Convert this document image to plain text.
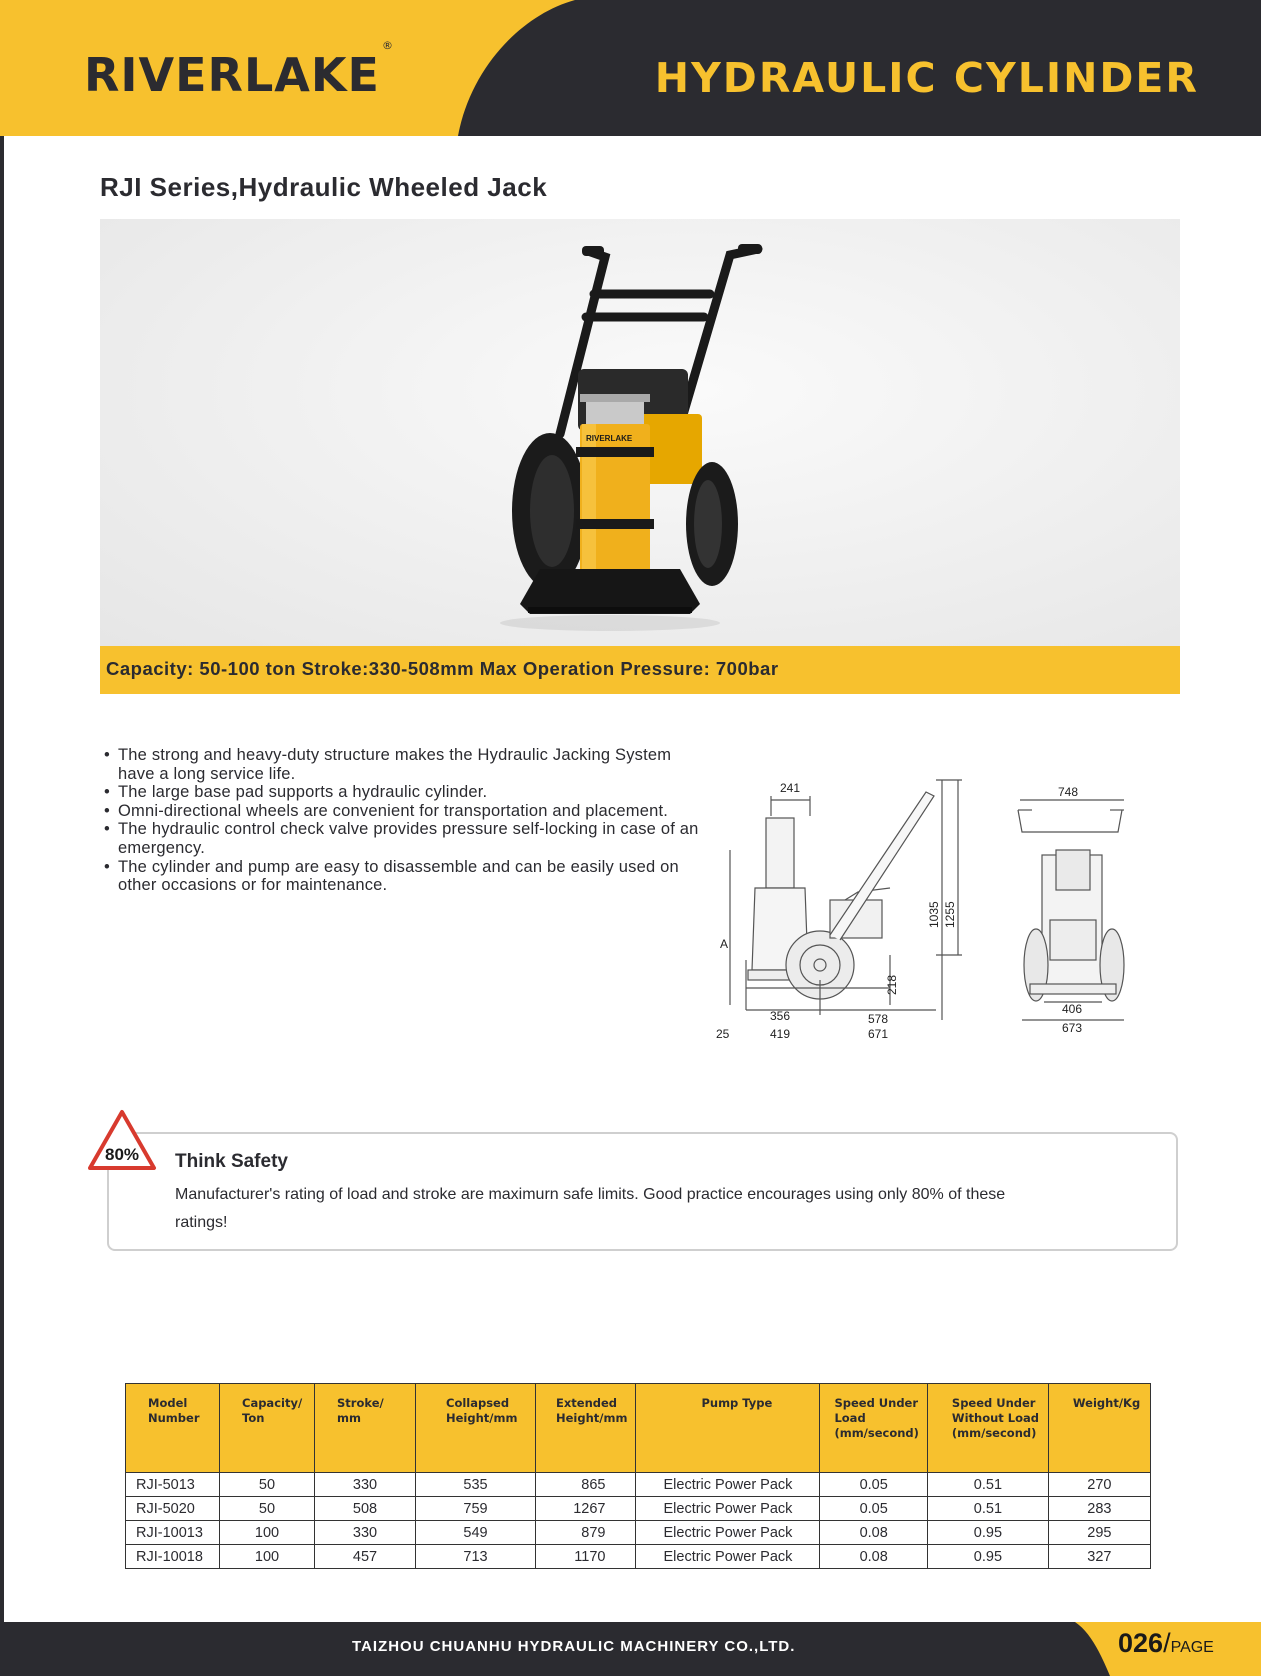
RIVERLAKE®
HYDRAULIC CYLINDER
RJI Series,Hydraulic Wheeled Jack
RIVERLAKE
Capacity: 50-100 ton Stroke:330-508mm Max Operation Pressure: 700bar
• The strong and heavy-duty structure makes the Hydraulic Jacking System have a long service life.
• The large base pad supports a hydraulic cylinder.
• Omni-directional wheels are convenient for transportation and placement.
• The hydraulic control check valve provides pressure self-locking in case of an emergency.
• The cylinder and pump are easy to disassemble and can be easily used on other occasions or for maintenance.
241
A
1035 1255
218
356	578
25	419	671
748
406
673
80% Think Safety
Manufacturer's rating of load and stroke are maximurn safe limits. Good practice encourages using only 80% of these ratings!
Model Number	Capacity/ Ton	Stroke/ mm	Collapsed Height/mm	Extended Height/mm	Pump Type	Speed Under Load (mm/second)	Speed Under Without Load (mm/second)	Weight/Kg
RJI-5013	50	330	535	865	Electric Power Pack	0.05	0.51	270
RJI-5020	50	508	759	1267	Electric Power Pack	0.05	0.51	283
RJI-10013	100	330	549	879	Electric Power Pack	0.08	0.95	295
RJI-10018	100	457	713	1170	Electric Power Pack	0.08	0.95	327
TAIZHOU CHUANHU HYDRAULIC MACHINERY CO.,LTD.	026/PAGE
